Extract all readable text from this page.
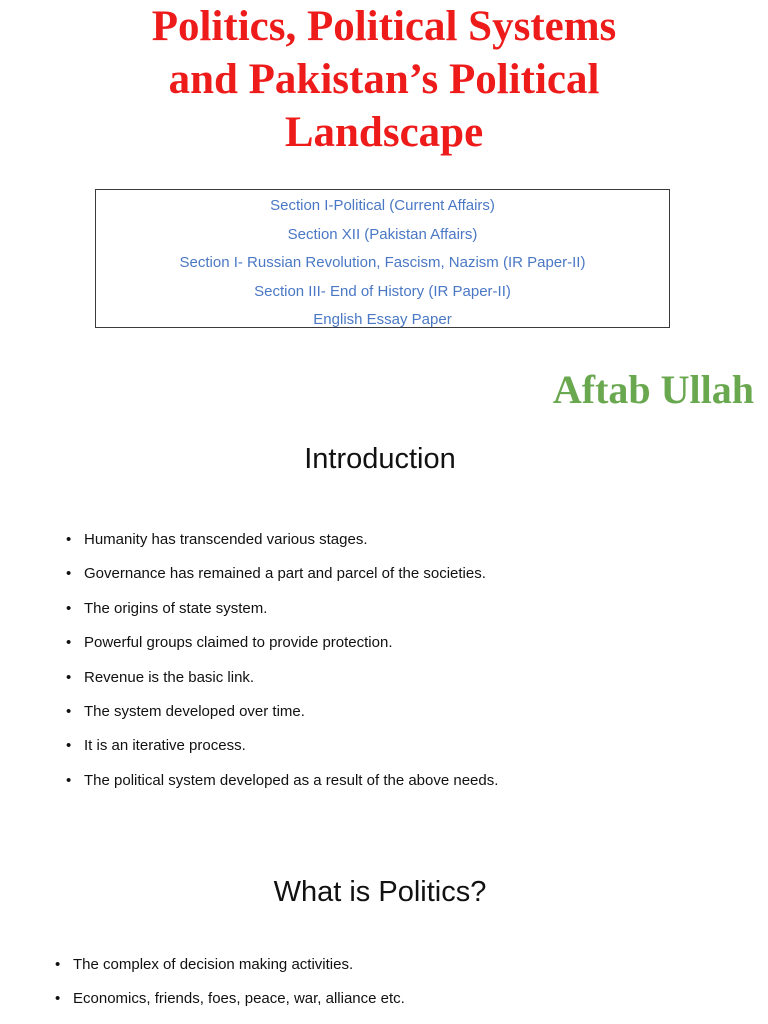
Politics, Political Systems
and Pakistan’s Political
Landscape
Section I-Political (Current Affairs)
Section XII (Pakistan Affairs)
Section I- Russian Revolution, Fascism, Nazism (IR Paper-II)
Section III- End of History (IR Paper-II)
English Essay Paper
Aftab Ullah
Introduction
• Humanity has transcended various stages.
• Governance has remained a part and parcel of the societies.
• The origins of state system.
• Powerful groups claimed to provide protection.
• Revenue is the basic link.
• The system developed over time.
• It is an iterative process.
• The political system developed as a result of the above needs.
What is Politics?
• The complex of decision making activities.
• Economics, friends, foes, peace, war, alliance etc.
